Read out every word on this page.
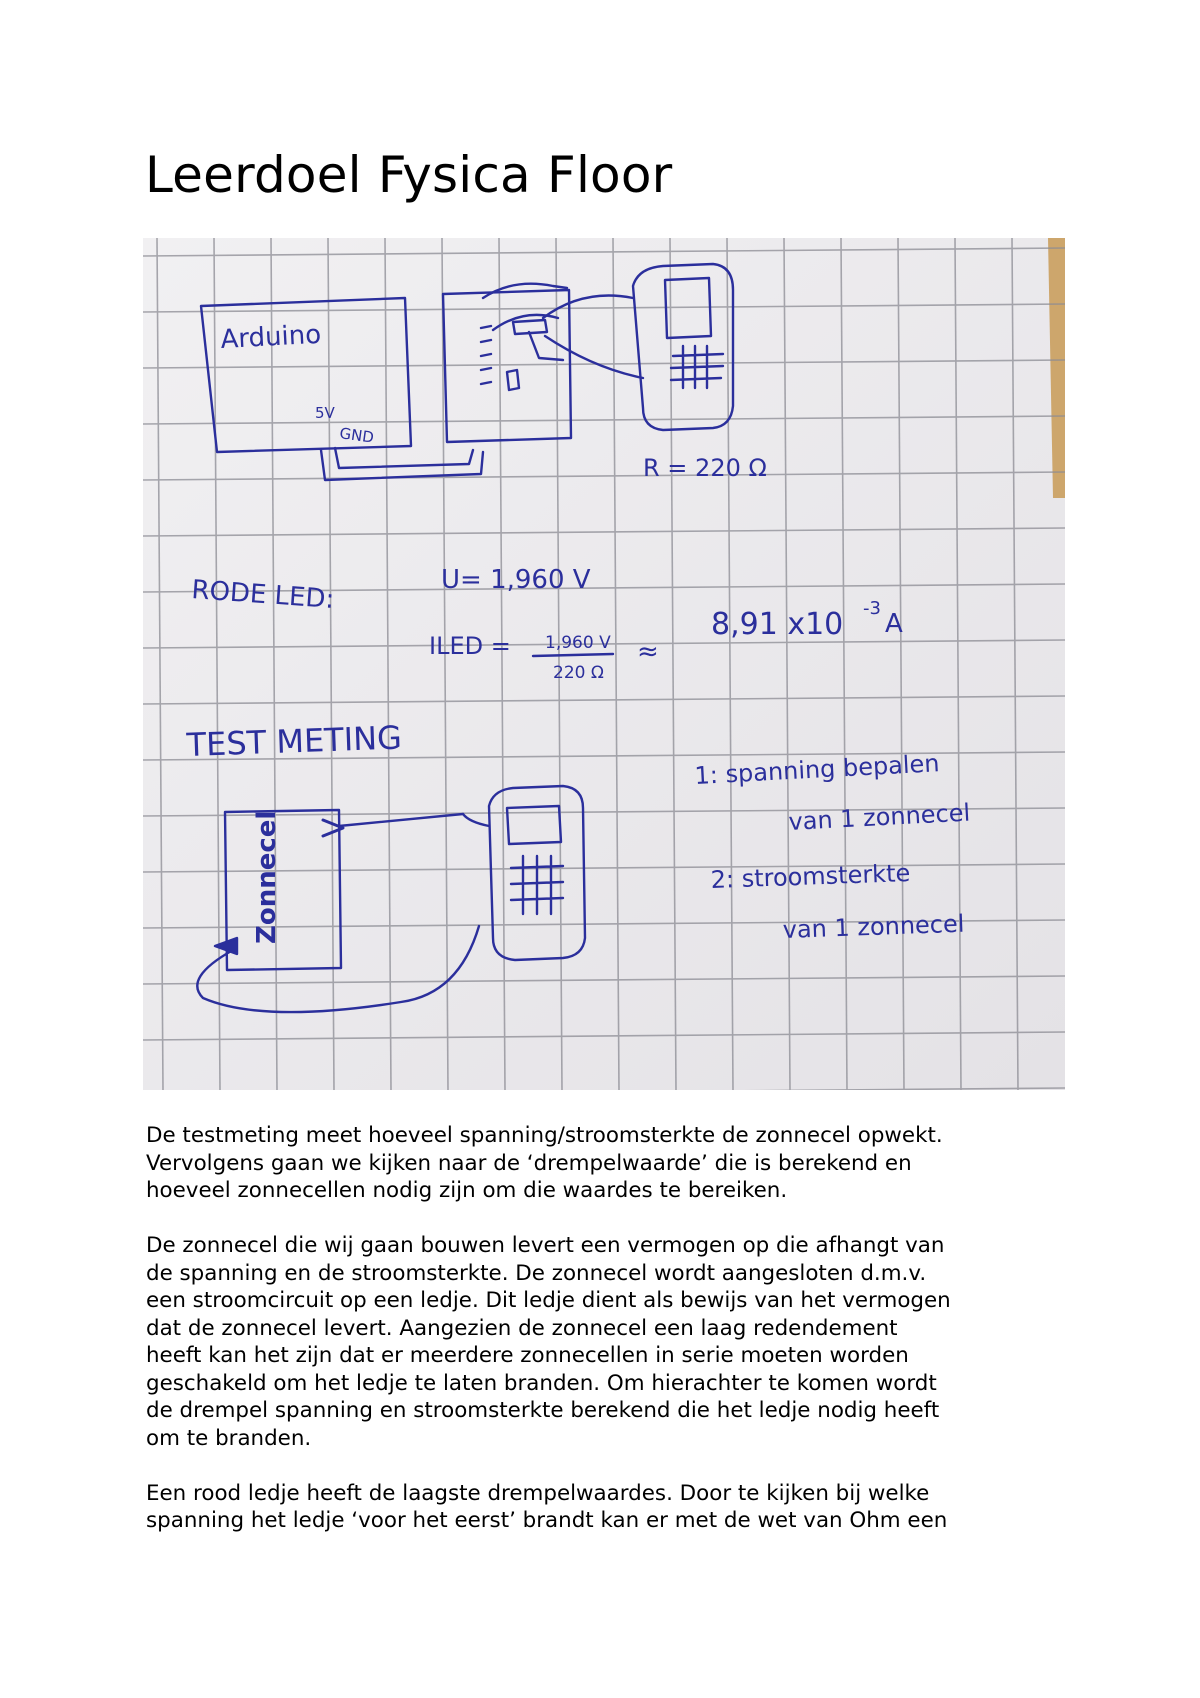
Leerdoel Fysica Floor
Arduino
5V
GND
R = 220 Ω
RODE LED:	U= 1,960 V
ILED = 1,960 V
220 Ω
≈
8,91 x10 -3
A
TEST METING
Zonnecel
1: spanning bepalen
van 1 zonnecel
2: stroomsterkte
van 1 zonnecel

De testmeting meet hoeveel spanning/stroomsterkte de zonnecel opwekt.
Vervolgens gaan we kijken naar de ‘drempelwaarde’ die is berekend en
hoeveel zonnecellen nodig zijn om die waardes te bereiken.

De zonnecel die wij gaan bouwen levert een vermogen op die afhangt van
de spanning en de stroomsterkte. De zonnecel wordt aangesloten d.m.v.
een stroomcircuit op een ledje. Dit ledje dient als bewijs van het vermogen
dat de zonnecel levert. Aangezien de zonnecel een laag redendement
heeft kan het zijn dat er meerdere zonnecellen in serie moeten worden
geschakeld om het ledje te laten branden. Om hierachter te komen wordt
de drempel spanning en stroomsterkte berekend die het ledje nodig heeft
om te branden.

Een rood ledje heeft de laagste drempelwaardes. Door te kijken bij welke
spanning het ledje ‘voor het eerst’ brandt kan er met de wet van Ohm een
